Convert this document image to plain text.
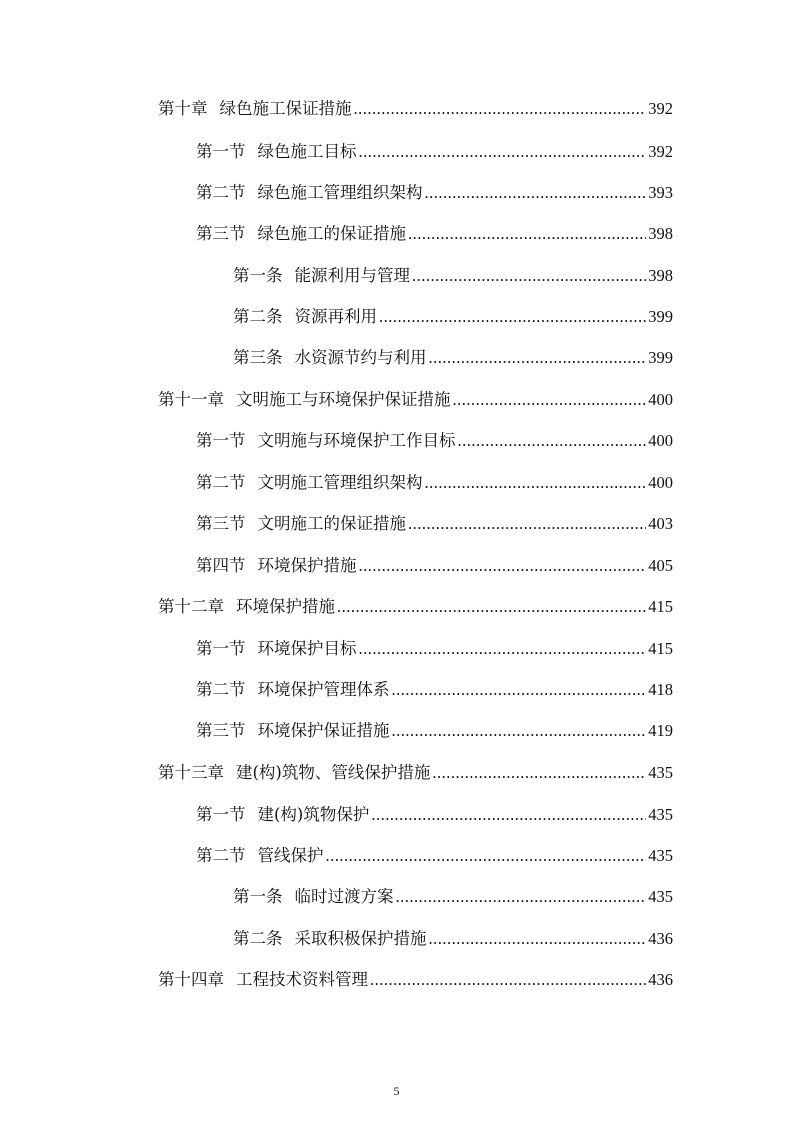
第十章 绿色施工保证措施 .....	392
第一节 绿色施工目标 .....	392
第二节 绿色施工管理组织架构 .....	393
第三节 绿色施工的保证措施 .....	398
第一条 能源利用与管理 .....	398
第二条 资源再利用 .....	399
第三条 水资源节约与利用 .....	399
第十一章 文明施工与环境保护保证措施 .....	400
第一节 文明施与环境保护工作目标 .....	400
第二节 文明施工管理组织架构 .....	400
第三节 文明施工的保证措施 .....	403
第四节 环境保护措施 .....	405
第十二章 环境保护措施 .....	415
第一节 环境保护目标 .....	415
第二节 环境保护管理体系 .....	418
第三节 环境保护保证措施 .....	419
第十三章 建(构)筑物、管线保护措施 .....	435
第一节 建(构)筑物保护 .....	435
第二节 管线保护 .....	435
第一条 临时过渡方案 .....	435
第二条 采取积极保护措施 .....	436
第十四章 工程技术资料管理 .....	436
5
